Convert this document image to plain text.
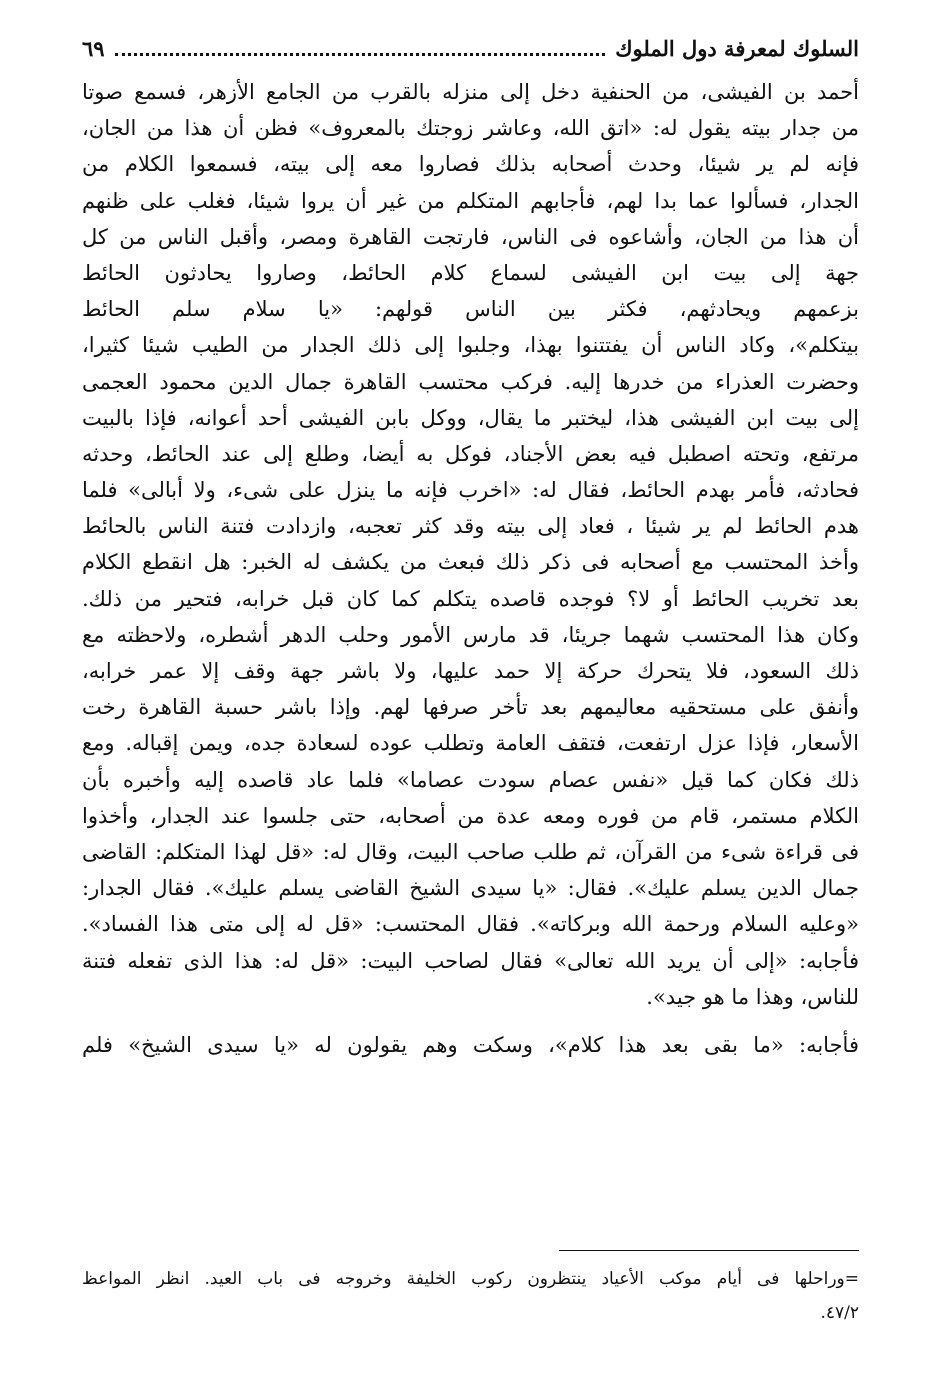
السلوك لمعرفة دول الملوك
٦٩
أحمد بن الفيشى، من الحنفية دخل إلى منزله بالقرب من الجامع الأزهر، فسمع صوتا
من جدار بيته يقول له: «اتق الله، وعاشر زوجتك بالمعروف» فظن أن هذا من الجان،
فإنه لم ير شيئا، وحدث أصحابه بذلك فصاروا معه إلى بيته، فسمعوا الكلام من
الجدار، فسألوا عما بدا لهم، فأجابهم المتكلم من غير أن يروا شيئا، فغلب على ظنهم
أن هذا من الجان، وأشاعوه فى الناس، فارتجت القاهرة ومصر، وأقبل الناس من كل
جهة إلى بيت ابن الفيشى لسماع كلام الحائط، وصاروا يحادثون الحائط
بزعمهم ويحادثهم، فكثر بين الناس قولهم: «يا سلام سلم الحائط
بيتكلم»، وكاد الناس أن يفتتنوا بهذا، وجلبوا إلى ذلك الجدار من الطيب شيئا كثيرا،
وحضرت العذراء من خدرها إليه. فركب محتسب القاهرة جمال الدين محمود العجمى
إلى بيت ابن الفيشى هذا، ليختبر ما يقال، ووكل بابن الفيشى أحد أعوانه، فإذا بالبيت
مرتفع، وتحته اصطبل فيه بعض الأجناد، فوكل به أيضا، وطلع إلى عند الحائط، وحدثه
فحادثه، فأمر بهدم الحائط، فقال له: «اخرب فإنه ما ينزل على شىء، ولا أبالى» فلما
هدم الحائط لم ير شيئا ، فعاد إلى بيته وقد كثر تعجبه، وازدادت فتنة الناس بالحائط
وأخذ المحتسب مع أصحابه فى ذكر ذلك فبعث من يكشف له الخبر: هل انقطع الكلام
بعد تخريب الحائط أو لا؟ فوجده قاصده يتكلم كما كان قبل خرابه، فتحير من ذلك.
وكان هذا المحتسب شهما جريئا، قد مارس الأمور وحلب الدهر أشطره، ولاحظته مع
ذلك السعود، فلا يتحرك حركة إلا حمد عليها، ولا باشر جهة وقف إلا عمر خرابه،
وأنفق على مستحقيه معاليمهم بعد تأخر صرفها لهم. وإذا باشر حسبة القاهرة رخت
الأسعار، فإذا عزل ارتفعت، فتقف العامة وتطلب عوده لسعادة جده، ويمن إقباله. ومع
ذلك فكان كما قيل «نفس عصام سودت عصاما» فلما عاد قاصده إليه وأخبره بأن
الكلام مستمر، قام من فوره ومعه عدة من أصحابه، حتى جلسوا عند الجدار، وأخذوا
فى قراءة شىء من القرآن، ثم طلب صاحب البيت، وقال له: «قل لهذا المتكلم: القاضى
جمال الدين يسلم عليك». فقال: «يا سيدى الشيخ القاضى يسلم عليك». فقال الجدار:
«وعليه السلام ورحمة الله وبركاته». فقال المحتسب: «قل له إلى متى هذا الفساد».
فأجابه: «إلى أن يريد الله تعالى» فقال لصاحب البيت: «قل له: هذا الذى تفعله فتنة
للناس، وهذا ما هو جيد».
فأجابه: «ما بقى بعد هذا كلام»، وسكت وهم يقولون له «يا سيدى الشيخ» فلم
=وراحلها فى أيام موكب الأعياد ينتظرون ركوب الخليفة وخروجه فى باب العيد. انظر المواعظ
٤٧/٢.
